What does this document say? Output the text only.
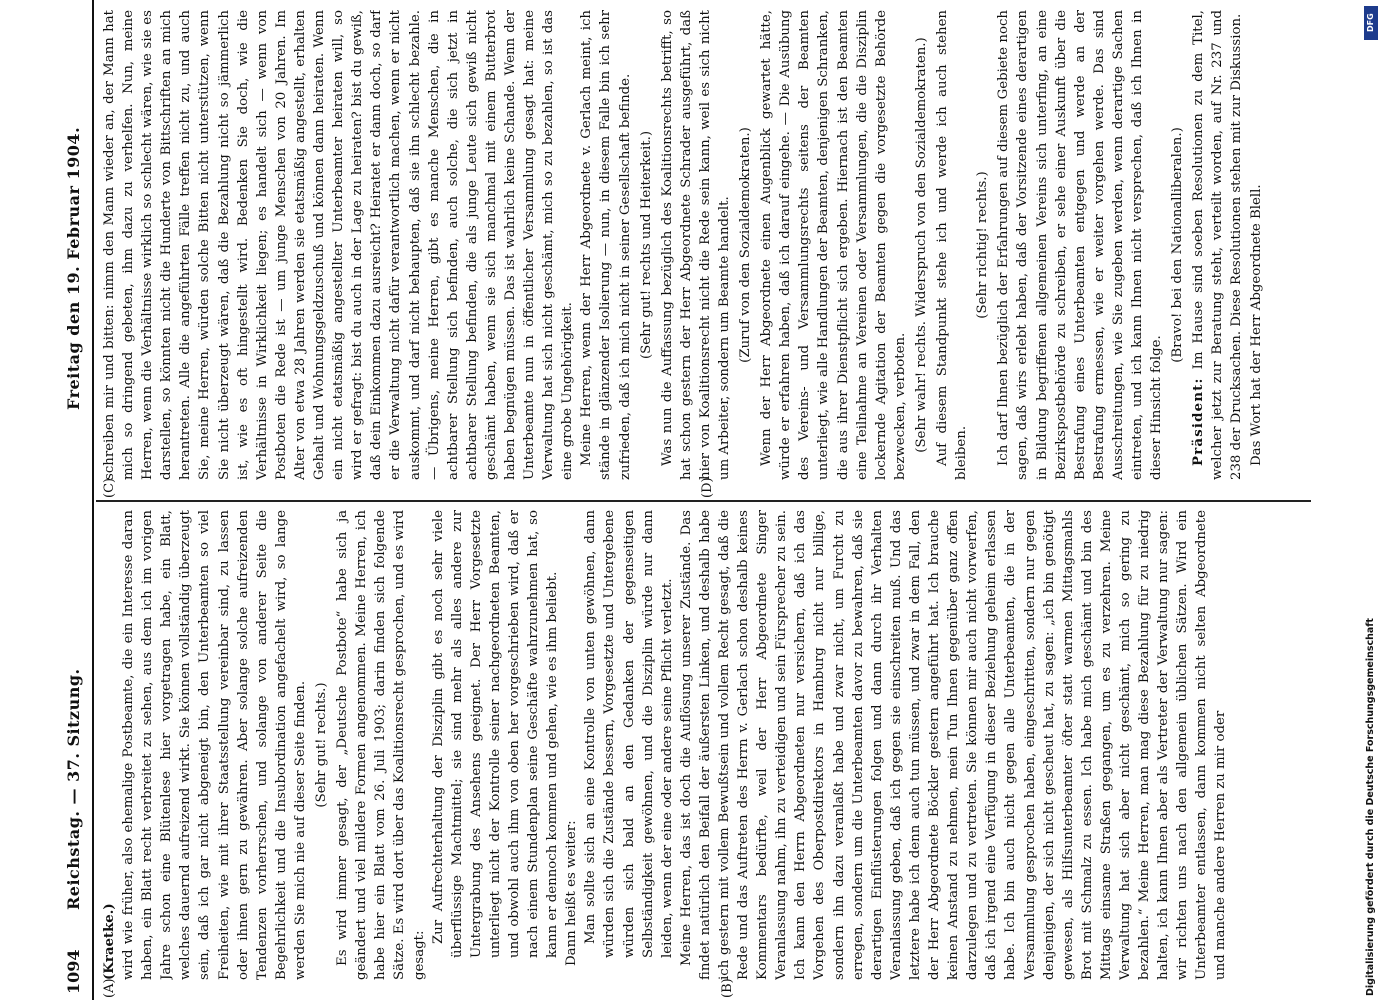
1094
Reichstag. — 37. Sitzung.
Freitag den 19. Februar 1904.
(A)	(B)
(C)	(D)

(Kraetke.) wird wie früher, also ehemalige Postbeamte, die ein Interesse daran haben, ein Blatt recht verbreitet zu sehen, aus dem ich im vorigen Jahre schon eine Blütenlese hier vorgetragen habe, ein Blatt, welches dauernd aufreizend wirkt. Sie können vollständig überzeugt sein, daß ich gar nicht abgeneigt bin, den Unterbeamten so viel Freiheiten, wie mit ihrer Staatsstellung vereinbar sind, zu lassen oder ihnen gern zu gewähren. Aber solange solche aufreizenden Tendenzen vorherrschen, und solange von anderer Seite die Begehrlichkeit und die Insubordination angefachelt wird, so lange werden Sie mich nie auf dieser Seite finden. (Sehr gut! rechts.) Es wird immer gesagt, der „Deutsche Postbote“ habe sich ja geändert und viel mildere Formen angenommen. Meine Herren, ich habe hier ein Blatt vom 26. Juli 1903; darin finden sich folgende Sätze. Es wird dort über das Koalitionsrecht gesprochen, und es wird gesagt:

Zur Aufrechterhaltung der Disziplin gibt es noch sehr viele überflüssige Machtmittel; sie sind mehr als alles andere zur Untergrabung des Ansehens geeignet. Der Herr Vorgesetzte unterliegt nicht der Kontrolle seiner nachgeordneten Beamten, und obwohl auch ihm von oben her vorgeschrieben wird, daß er nach einem Stundenplan seine Geschäfte wahrzunehmen hat, so kann er dennoch kommen und gehen, wie es ihm beliebt. Dann heißt es weiter: Man sollte sich an eine Kontrolle von unten gewöhnen, dann würden sich die Zustände bessern, Vorgesetzte und Untergebene würden sich bald an den Gedanken der gegenseitigen Selbständigkeit gewöhnen, und die Disziplin würde nur dann leiden, wenn der eine oder andere seine Pflicht verletzt. Meine Herren, das ist doch die Auflösung unserer Zustände. Das findet natürlich den Beifall der äußersten Linken, und deshalb habe ich gestern mit vollem Bewußtsein und vollem Recht gesagt, daß die Rede und das Auftreten des Herrn v. Gerlach schon deshalb keines Kommentars bedürfte, weil der Herr Abgeordnete Singer Veranlassung nahm, ihn zu verteidigen und sein Fürsprecher zu sein. Ich kann den Herrn Abgeordneten nur versichern, daß ich das Vorgehen des Oberpostdirektors in Hamburg nicht nur billige, sondern ihn dazu veranlaßt habe und zwar nicht, um Furcht zu erregen, sondern um die Unterbeamten davor zu bewahren, daß sie derartigen Einflüsterungen folgen und dann durch ihr Verhalten Veranlassung geben, daß ich gegen sie einschreiten muß. Und das letztere habe ich denn auch tun müssen, und zwar in dem Fall, den der Herr Abgeordnete Böckler gestern angeführt hat. Ich brauche keinen Anstand zu nehmen, mein Tun Ihnen gegenüber ganz offen darzulegen und zu vertreten. Sie können mir auch nicht vorwerfen, daß ich irgend eine Verfügung in dieser Beziehung geheim erlassen habe. Ich bin auch nicht gegen alle Unterbeamten, die in der Versammlung gesprochen haben, eingeschritten, sondern nur gegen denjenigen, der sich nicht gescheut hat, zu sagen: „ich bin genötigt gewesen, als Hilfsunterbeamter öfter statt warmen Mittagsmahls Brot mit Schmalz zu essen. Ich habe mich geschämt und bin des Mittags einsame Straßen gegangen, um es zu verzehren. Meine Verwaltung hat sich aber nicht geschämt, mich so gering zu bezahlen.“ Meine Herren, man mag diese Bezahlung für zu niedrig halten, ich kann Ihnen aber als Vertreter der Verwaltung nur sagen: wir richten uns nach den allgemein üblichen Sätzen. Wird ein Unterbeamter entlassen, dann kommen nicht selten Abgeordnete und manche andere Herren zu mir oder

schreiben mir und bitten: nimm den Mann wieder an, der Mann hat mich so dringend gebeten, ihm dazu zu verhelfen. Nun, meine Herren, wenn die Verhältnisse wirklich so schlecht wären, wie sie es darstellen, so könnten nicht die Hunderte von Bittschriften an mich herantreten. Alle die angeführten Fälle treffen nicht zu, und auch Sie, meine Herren, würden solche Bitten nicht unterstützen, wenn Sie nicht überzeugt wären, daß die Bezahlung nicht so jämmerlich ist, wie es oft hingestellt wird. Bedenken Sie doch, wie die Verhältnisse in Wirklichkeit liegen; es handelt sich — wenn von Postboten die Rede ist — um junge Menschen von 20 Jahren. Im Alter von etwa 28 Jahren werden sie etatsmäßig angestellt, erhalten Gehalt und Wohnungsgeldzuschuß und können dann heiraten. Wenn ein nicht etatsmäßig angestellter Unterbeamter heiraten will, so wird er gefragt: bist du auch in der Lage zu heiraten? bist du gewiß, daß dein Einkommen dazu ausreicht? Heiratet er dann doch, so darf er die Verwaltung nicht dafür verantwortlich machen, wenn er nicht auskommt, und darf nicht behaupten, daß sie ihn schlecht bezahle. — Übrigens, meine Herren, gibt es manche Menschen, die in achtbarer Stellung sich befinden, auch solche, die sich jetzt in achtbarer Stellung befinden, die als junge Leute sich gewiß nicht geschämt haben, wenn sie sich manchmal mit einem Butterbrot haben begnügen müssen. Das ist wahrlich keine Schande. Wenn der Unterbeamte nun in öffentlicher Versammlung gesagt hat: meine Verwaltung hat sich nicht geschämt, mich so zu bezahlen, so ist das eine grobe Ungehörigkeit. Meine Herren, wenn der Herr Abgeordnete v. Gerlach meint, ich stände in glänzender Isolierung — nun, in diesem Falle bin ich sehr zufrieden, daß ich mich nicht in seiner Gesellschaft befinde. (Sehr gut! rechts und Heiterkeit.) Was nun die Auffassung bezüglich des Koalitionsrechts betrifft, so hat schon gestern der Herr Abgeordnete Schrader ausgeführt, daß hier von Koalitionsrecht nicht die Rede sein kann, weil es sich nicht um Arbeiter, sondern um Beamte handelt. (Zuruf von den Sozialdemokraten.) Wenn der Herr Abgeordnete einen Augenblick gewartet hätte, würde er erfahren haben, daß ich darauf eingehe. — Die Ausübung des Vereins- und Versammlungsrechts seitens der Beamten unterliegt, wie alle Handlungen der Beamten, denjenigen Schranken, die aus ihrer Dienstpflicht sich ergeben. Hiernach ist den Beamten eine Teilnahme an Vereinen oder Versammlungen, die die Disziplin lockernde Agitation der Beamten gegen die vorgesetzte Behörde bezwecken, verboten. (Sehr wahr! rechts. Widerspruch von den Sozialdemokraten.) Auf diesem Standpunkt stehe ich und werde ich auch stehen bleiben.

(Sehr richtig! rechts.) Ich darf Ihnen bezüglich der Erfahrungen auf diesem Gebiete noch sagen, daß wirs erlebt haben, daß der Vorsitzende eines derartigen in Bildung begriffenen allgemeinen Vereins sich unterfing, an eine Bezirkspostbehörde zu schreiben, er sehe einer Auskunft über die Bestrafung eines Unterbeamten entgegen und werde an der Bestrafung ermessen, wie er weiter vorgehen werde. Das sind Ausschreitungen, wie Sie zugeben werden, wenn derartige Sachen eintreten, und ich kann Ihnen nicht versprechen, daß ich Ihnen in dieser Hinsicht folge.

(Bravo! bei den Nationalliberalen.)

Präsident: Im Hause sind soeben Resolutionen zu dem Titel, welcher jetzt zur Beratung steht, verteilt worden, auf Nr. 237 und 238 der Drucksachen. Diese Resolutionen stehen mit zur Diskussion. Das Wort hat der Herr Abgeordnete Blell.

DFG
Digitalisierung gefördert durch die Deutsche Forschungsgemeinschaft
